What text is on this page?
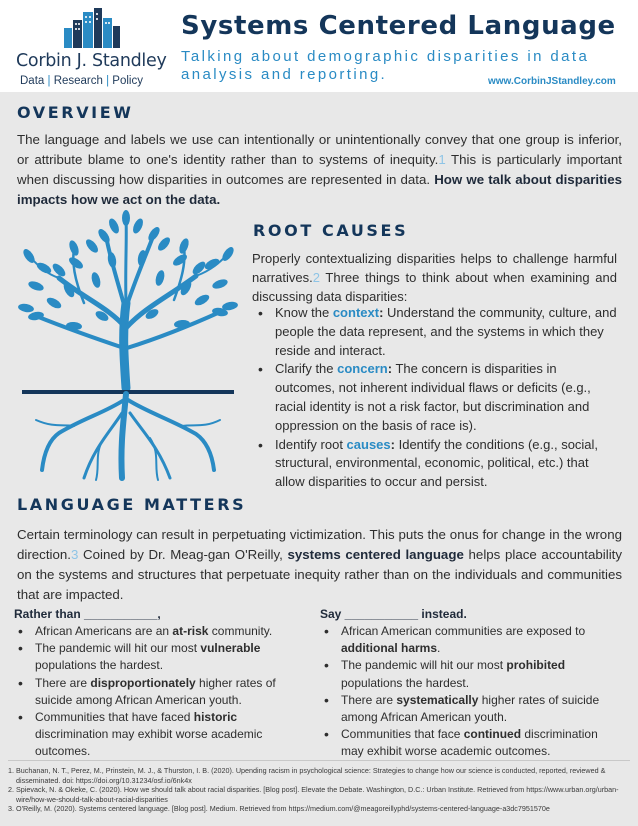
Corbin J. Standley
Data | Research | Policy
Systems Centered Language
Talking about demographic disparities in data analysis and reporting.	www.CorbinJStandley.com
OVERVIEW
The language and labels we use can intentionally or unintentionally convey that one group is inferior, or attribute blame to one's identity rather than to systems of inequity.1 This is particularly important when discussing how disparities in outcomes are represented in data. How we talk about disparities impacts how we act on the data.
ROOT CAUSES
Properly contextualizing disparities helps to challenge harmful narratives.2 Three things to think about when examining and discussing data disparities:
• Know the context: Understand the community, culture, and people the data represent, and the systems in which they reside and interact.
• Clarify the concern: The concern is disparities in outcomes, not inherent individual flaws or deficits (e.g., racial identity is not a risk factor, but discrimination and oppression on the basis of race is).
• Identify root causes: Identify the conditions (e.g., social, structural, environmental, economic, political, etc.) that allow disparities to occur and persist.
LANGUAGE MATTERS
Certain terminology can result in perpetuating victimization. This puts the onus for change in the wrong direction.3 Coined by Dr. Meag-gan O'Reilly, systems centered language helps place accountability on the systems and structures that perpetuate inequity rather than on the individuals and communities that are impacted.
Rather than ___________,
• African Americans are an at-risk community.
• The pandemic will hit our most vulnerable populations the hardest.
• There are disproportionately higher rates of suicide among African American youth.
• Communities that have faced historic discrimination may exhibit worse academic outcomes.
Say ___________ instead.
• African American communities are exposed to additional harms.
• The pandemic will hit our most prohibited populations the hardest.
• There are systematically higher rates of suicide among African American youth.
• Communities that face continued discrimination may exhibit worse academic outcomes.
1. Buchanan, N. T., Perez, M., Prinstein, M. J., & Thurston, I. B. (2020). Upending racism in psychological science: Strategies to change how our science is conducted, reported, reviewed & disseminated. doi: https://doi.org/10.31234/osf.io/6nk4x
2. Spievack, N. & Okeke, C. (2020). How we should talk about racial disparities. [Blog post]. Elevate the Debate. Washington, D.C.: Urban Institute. Retrieved from https://www.urban.org/urban-wire/how-we-should-talk-about-racial-disparities
3. O'Reilly, M. (2020). Systems centered language. [Blog post]. Medium. Retrieved from https://medium.com/@meagoreillyphd/systems-centered-language-a3dc7951570e
